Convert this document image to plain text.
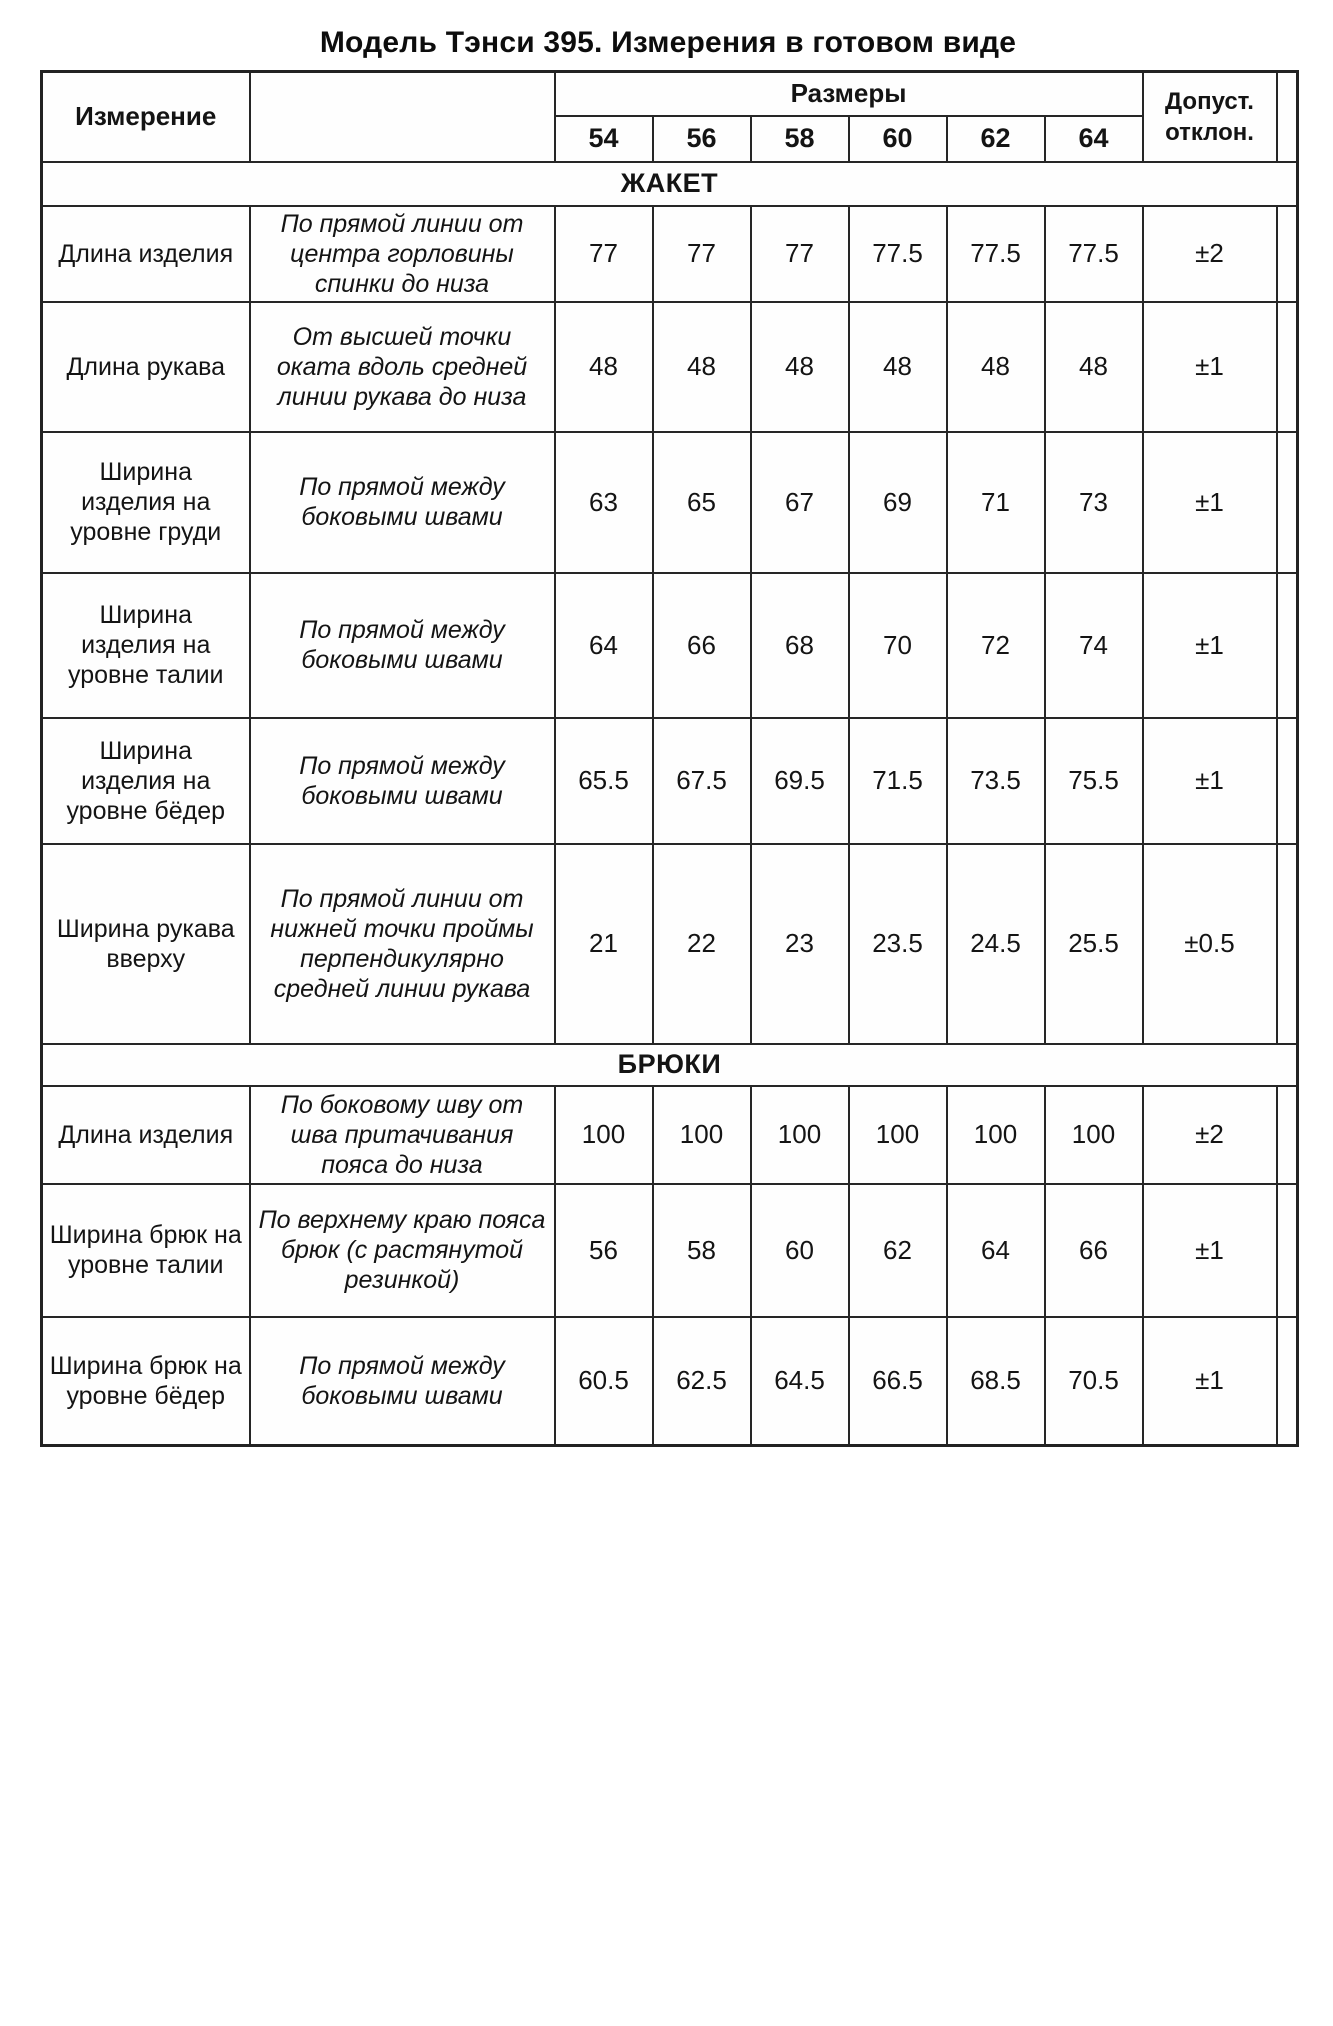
Модель Тэнси 395. Измерения в готовом виде
Измерение		Размеры						Допуст. отклон.	
		54	56	58	60	62	64		
ЖАКЕТ									
Длина изделия	По прямой линии от центра горловины спинки до низа	77	77	77	77.5	77.5	77.5	±2	
Длина рукава	От высшей точки оката вдоль средней линии рукава до низа	48	48	48	48	48	48	±1	
Ширина изделия на уровне груди	По прямой между боковыми швами	63	65	67	69	71	73	±1	
Ширина изделия на уровне талии	По прямой между боковыми швами	64	66	68	70	72	74	±1	
Ширина изделия на уровне бёдер	По прямой между боковыми швами	65.5	67.5	69.5	71.5	73.5	75.5	±1	
Ширина рукава вверху	По прямой линии от нижней точки проймы перпендикулярно средней линии рукава	21	22	23	23.5	24.5	25.5	±0.5	
БРЮКИ									
Длина изделия	По боковому шву от шва притачивания пояса до низа	100	100	100	100	100	100	±2	
Ширина брюк на уровне талии	По верхнему краю пояса брюк (с растянутой резинкой)	56	58	60	62	64	66	±1	
Ширина брюк на уровне бёдер	По прямой между боковыми швами	60.5	62.5	64.5	66.5	68.5	70.5	±1	
